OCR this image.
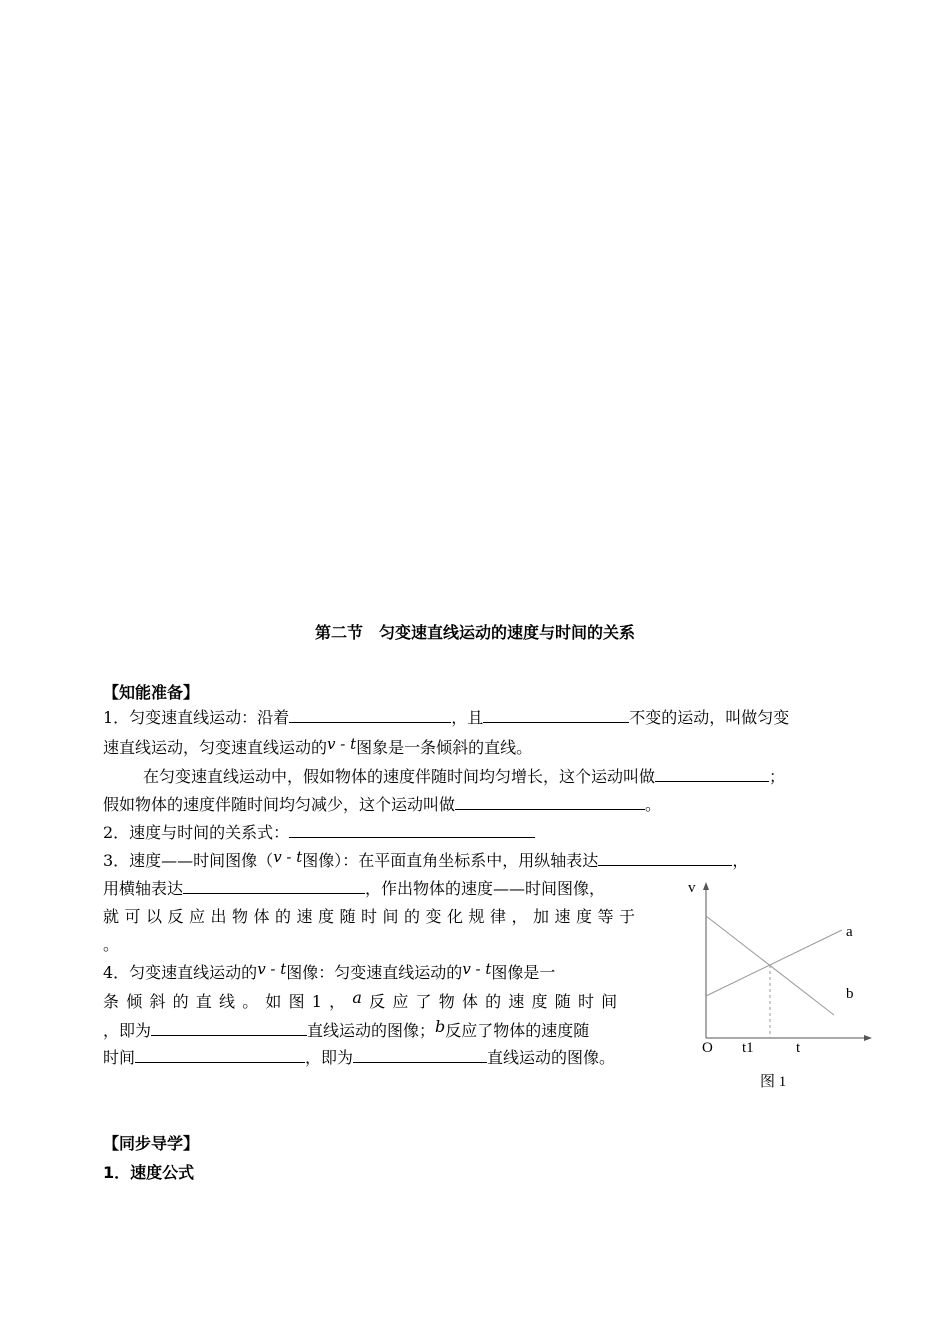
第二节　匀变速直线运动的速度与时间的关系
【知能准备】
1．匀变速直线运动：沿着	，且	不变的运动，叫做匀变
速直线运动，匀变速直线运动的v - t图象是一条倾斜的直线。
在匀变速直线运动中，假如物体的速度伴随时间均匀增长，这个运动叫做	；
假如物体的速度伴随时间均匀减少，这个运动叫做	。
2．速度与时间的关系式：
3．速度——时间图像（v - t图像）：在平面直角坐标系中，用纵轴表达	，
用横轴表达	，作出物体的速度——时间图像，
就可以反应出物体的速度随时间的变化规律，加速度等于
。
4．匀变速直线运动的v - t图像：匀变速直线运动的v - t图像是一
条倾斜的直线。如图1，a反应了物体的速度随时间
，即为	直线运动的图像；b反应了物体的速度随
时间	，即为	直线运动的图像。
v
O t1	t
a
b
图 1
【同步导学】
1．速度公式
